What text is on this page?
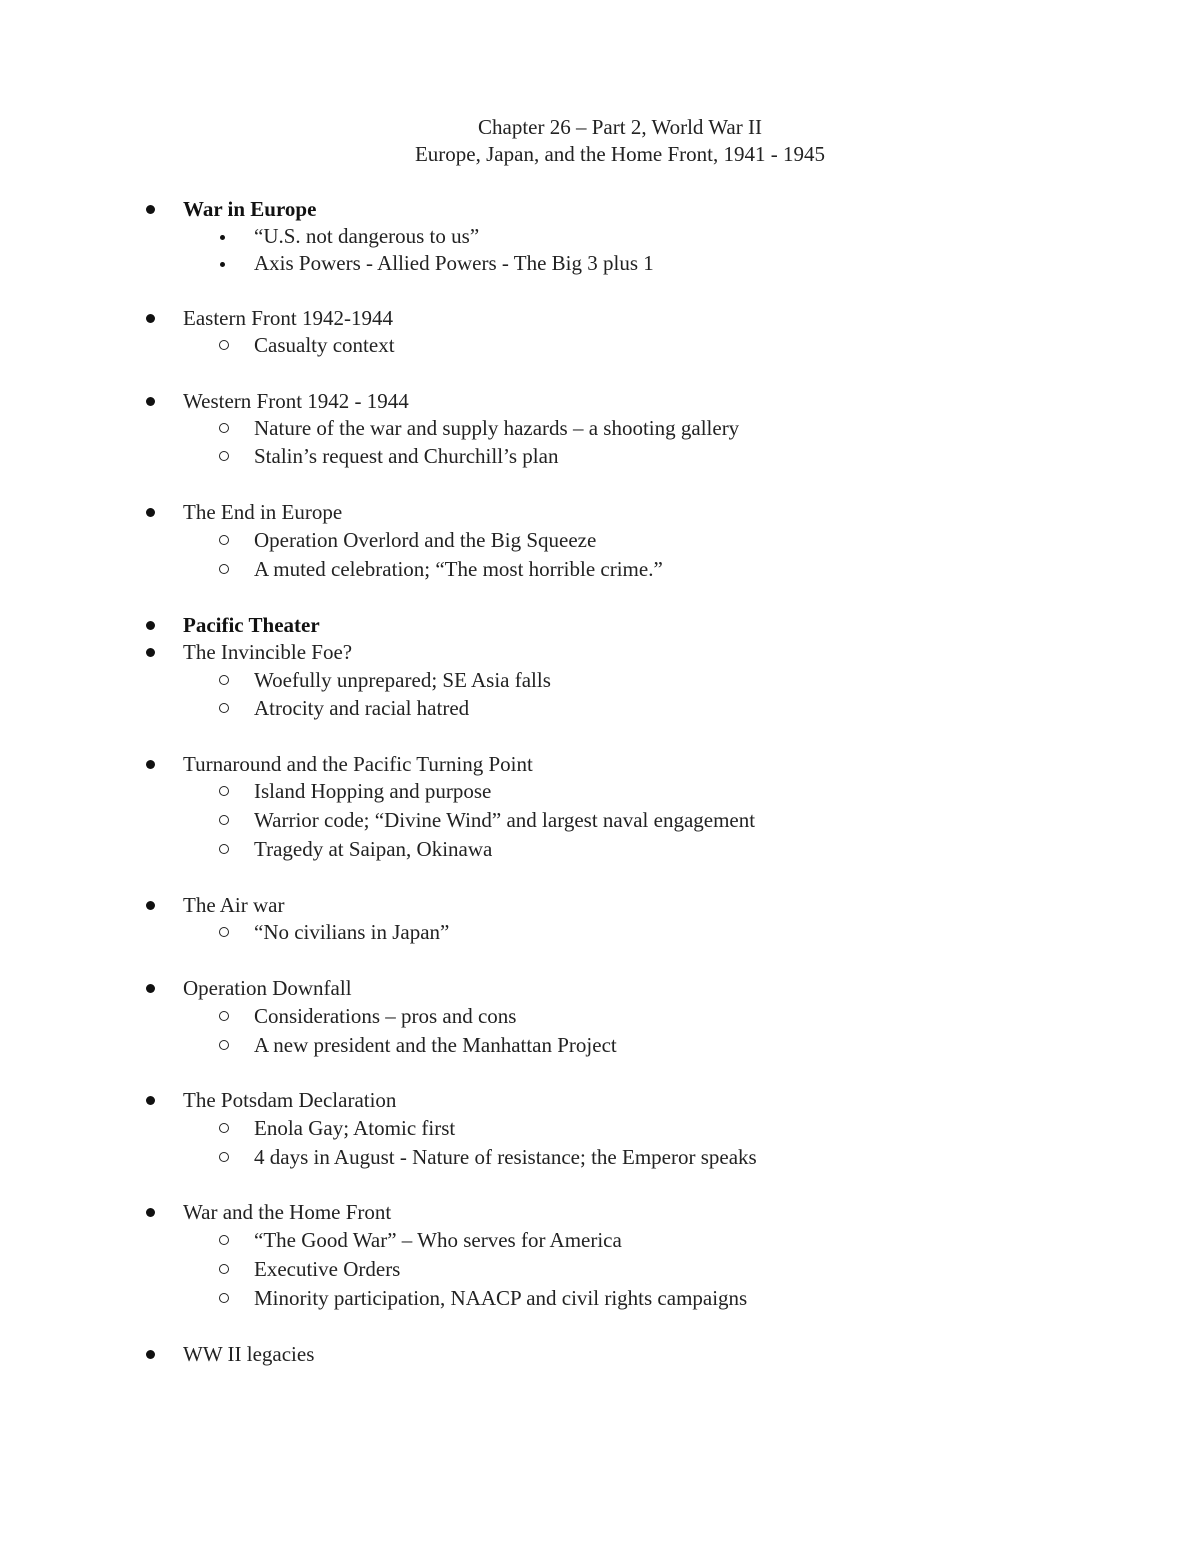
Chapter 26 – Part 2, World War II
Europe, Japan, and the Home Front, 1941 - 1945
War in Europe
“U.S. not dangerous to us”
Axis Powers - Allied Powers - The Big 3 plus 1
Eastern Front 1942-1944
Casualty context
Western Front 1942 - 1944
Nature of the war and supply hazards – a shooting gallery
Stalin’s request and Churchill’s plan
The End in Europe
Operation Overlord and the Big Squeeze
A muted celebration; “The most horrible crime.”
Pacific Theater
The Invincible Foe?
Woefully unprepared; SE Asia falls
Atrocity and racial hatred
Turnaround and the Pacific Turning Point
Island Hopping and purpose
Warrior code; “Divine Wind” and largest naval engagement
Tragedy at Saipan, Okinawa
The Air war
“No civilians in Japan”
Operation Downfall
Considerations – pros and cons
A new president and the Manhattan Project
The Potsdam Declaration
Enola Gay; Atomic first
4 days in August - Nature of resistance; the Emperor speaks
War and the Home Front
“The Good War” – Who serves for America
Executive Orders
Minority participation, NAACP and civil rights campaigns
WW II legacies
